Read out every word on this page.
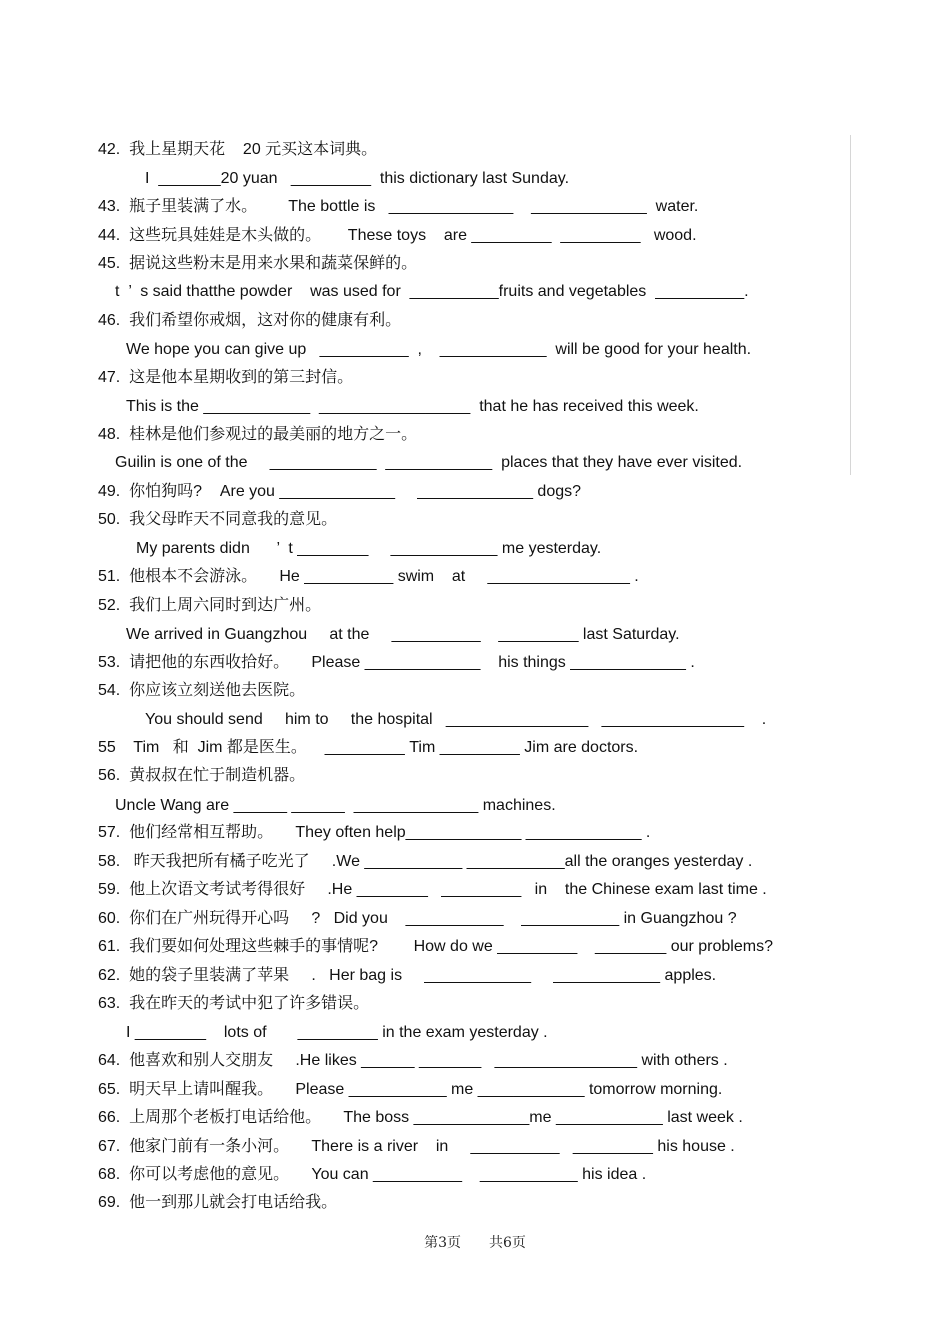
42.  我上星期天花    20 元买这本词典。
I  _______20 yuan   _________  this dictionary last Sunday.
43.  瓶子里装满了水。       The bottle is   ______________    _____________  water.
44.  这些玩具娃娃是木头做的。      These toys    are _________  _________   wood.
45.  据说这些粉末是用来水果和蔬菜保鲜的。
t  ’  s said thatthe powder    was used for  __________fruits and vegetables  __________.
46.  我们希望你戒烟，这对你的健康有利。
We hope you can give up   __________  ,    ____________  will be good for your health.
47.  这是他本星期收到的第三封信。
This is the ____________  _________________  that he has received this week.
48.  桂林是他们参观过的最美丽的地方之一。
Guilin is one of the     ____________  ____________  places that they have ever visited.
49.  你怕狗吗?    Are you _____________     _____________ dogs?
50.  我父母昨天不同意我的意见。
My parents didn      ’  t ________     ____________ me yesterday.
51.  他根本不会游泳。     He __________ swim    at     ________________ .
52.  我们上周六同时到达广州。
We arrived in Guangzhou     at the     __________    _________ last Saturday.
53.  请把他的东西收拾好。     Please _____________    his things _____________ .
54.  你应该立刻送他去医院。
You should send     him to     the hospital   ________________   ________________    .
55    Tim   和  Jim 都是医生。    _________ Tim _________ Jim are doctors.
56.  黄叔叔在忙于制造机器。
Uncle Wang are ______ ______  ______________ machines.
57.  他们经常相互帮助。     They often help_____________ _____________ .
58.   昨天我把所有橘子吃光了     .We ___________ ___________all the oranges yesterday .
59.  他上次语文考试考得很好     .He ________   _________   in    the Chinese exam last time .
60.  你们在广州玩得开心吗     ?   Did you    ___________    ___________ in Guangzhou ?
61.  我们要如何处理这些棘手的事情呢?        How do we _________    ________ our problems?
62.  她的袋子里装满了苹果     .   Her bag is     ____________     ____________ apples.
63.  我在昨天的考试中犯了许多错误。
I ________    lots of       _________ in the exam yesterday .
64.  他喜欢和别人交朋友     .He likes ______ _______   ________________ with others .
65.  明天早上请叫醒我。     Please ___________ me ____________ tomorrow morning.
66.  上周那个老板打电话给他。     The boss _____________me ____________ last week .
67.  他家门前有一条小河。     There is a river    in     __________   _________ his house .
68.  你可以考虑他的意见。     You can __________    ___________ his idea .
69.  他一到那儿就会打电话给我。
第3页 共6页
